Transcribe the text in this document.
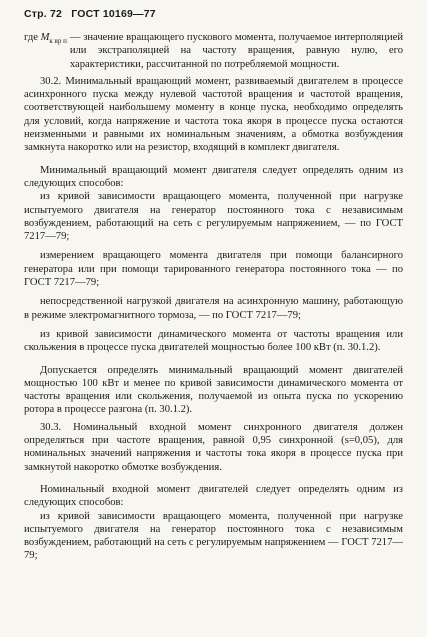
Стр. 72 ГОСТ 10169—77
где $M_{к вр п}$ — значение вращающего пускового момента, получаемое интерполяцией или экстраполяцией на частоту вращения, равную нулю, его характеристики, рассчитанной по потребляемой мощности.

30.2. Минимальный вращающий момент, развиваемый двигателем в процессе асинхронного пуска между нулевой частотой вращения и частотой вращения, соответствующей наибольшему моменту в конце пуска, необходимо определять для условий, когда напряжение и частота тока якоря в процессе пуска остаются неизменными и равными их номинальным значениям, а обмотка возбуждения замкнута накоротко или на резистор, входящий в комплект двигателя.

Минимальный вращающий момент двигателя следует определять одним из следующих способов:

из кривой зависимости вращающего момента, полученной при нагрузке испытуемого двигателя на генератор постоянного тока с независимым возбуждением, работающий на сеть с регулируемым напряжением, — по ГОСТ 7217—79;

измерением вращающего момента двигателя при помощи балансирного генератора или при помощи тарированного генератора постоянного тока — по ГОСТ 7217—79;

непосредственной нагрузкой двигателя на асинхронную машину, работающую в режиме электромагнитного тормоза, — по ГОСТ 7217—79;

из кривой зависимости динамического момента от частоты вращения или скольжения в процессе пуска двигателей мощностью более 100 кВт (п. 30.1.2).

Допускается определять минимальный вращающий момент двигателей мощностью 100 кВт и менее по кривой зависимости динамического момента от частоты вращения или скольжения, получаемой из опыта пуска по ускорению ротора в процессе разгона (п. 30.1.2).

30.3. Номинальный входной момент синхронного двигателя должен определяться при частоте вращения, равной 0,95 синхронной (s=0,05), для номинальных значений напряжения и частоты тока якоря в процессе пуска при замкнутой накоротко обмотке возбуждения.

Номинальный входной момент двигателей следует определять одним из следующих способов:

из кривой зависимости вращающего момента, полученной при нагрузке испытуемого двигателя на генератор постоянного тока с независимым возбуждением, работающий на сеть с регулируемым напряжением — ГОСТ 7217—79;
